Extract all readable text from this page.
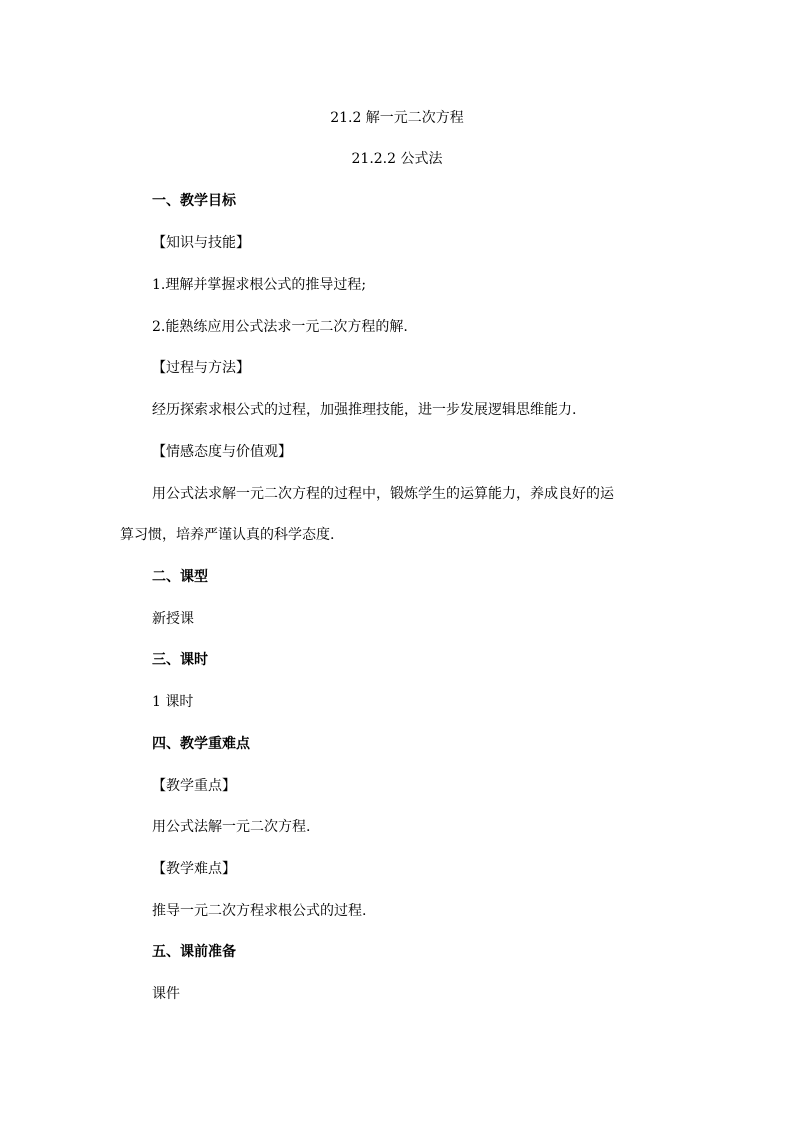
21.2 解一元二次方程
21.2.2 公式法
一、教学目标
【知识与技能】
1.理解并掌握求根公式的推导过程;
2.能熟练应用公式法求一元二次方程的解.
【过程与方法】
经历探索求根公式的过程，加强推理技能，进一步发展逻辑思维能力.
【情感态度与价值观】
用公式法求解一元二次方程的过程中，锻炼学生的运算能力，养成良好的运
算习惯，培养严谨认真的科学态度.
二、课型
新授课
三、课时
1 课时
四、教学重难点
【教学重点】
用公式法解一元二次方程.
【教学难点】
推导一元二次方程求根公式的过程.
五、课前准备
课件
